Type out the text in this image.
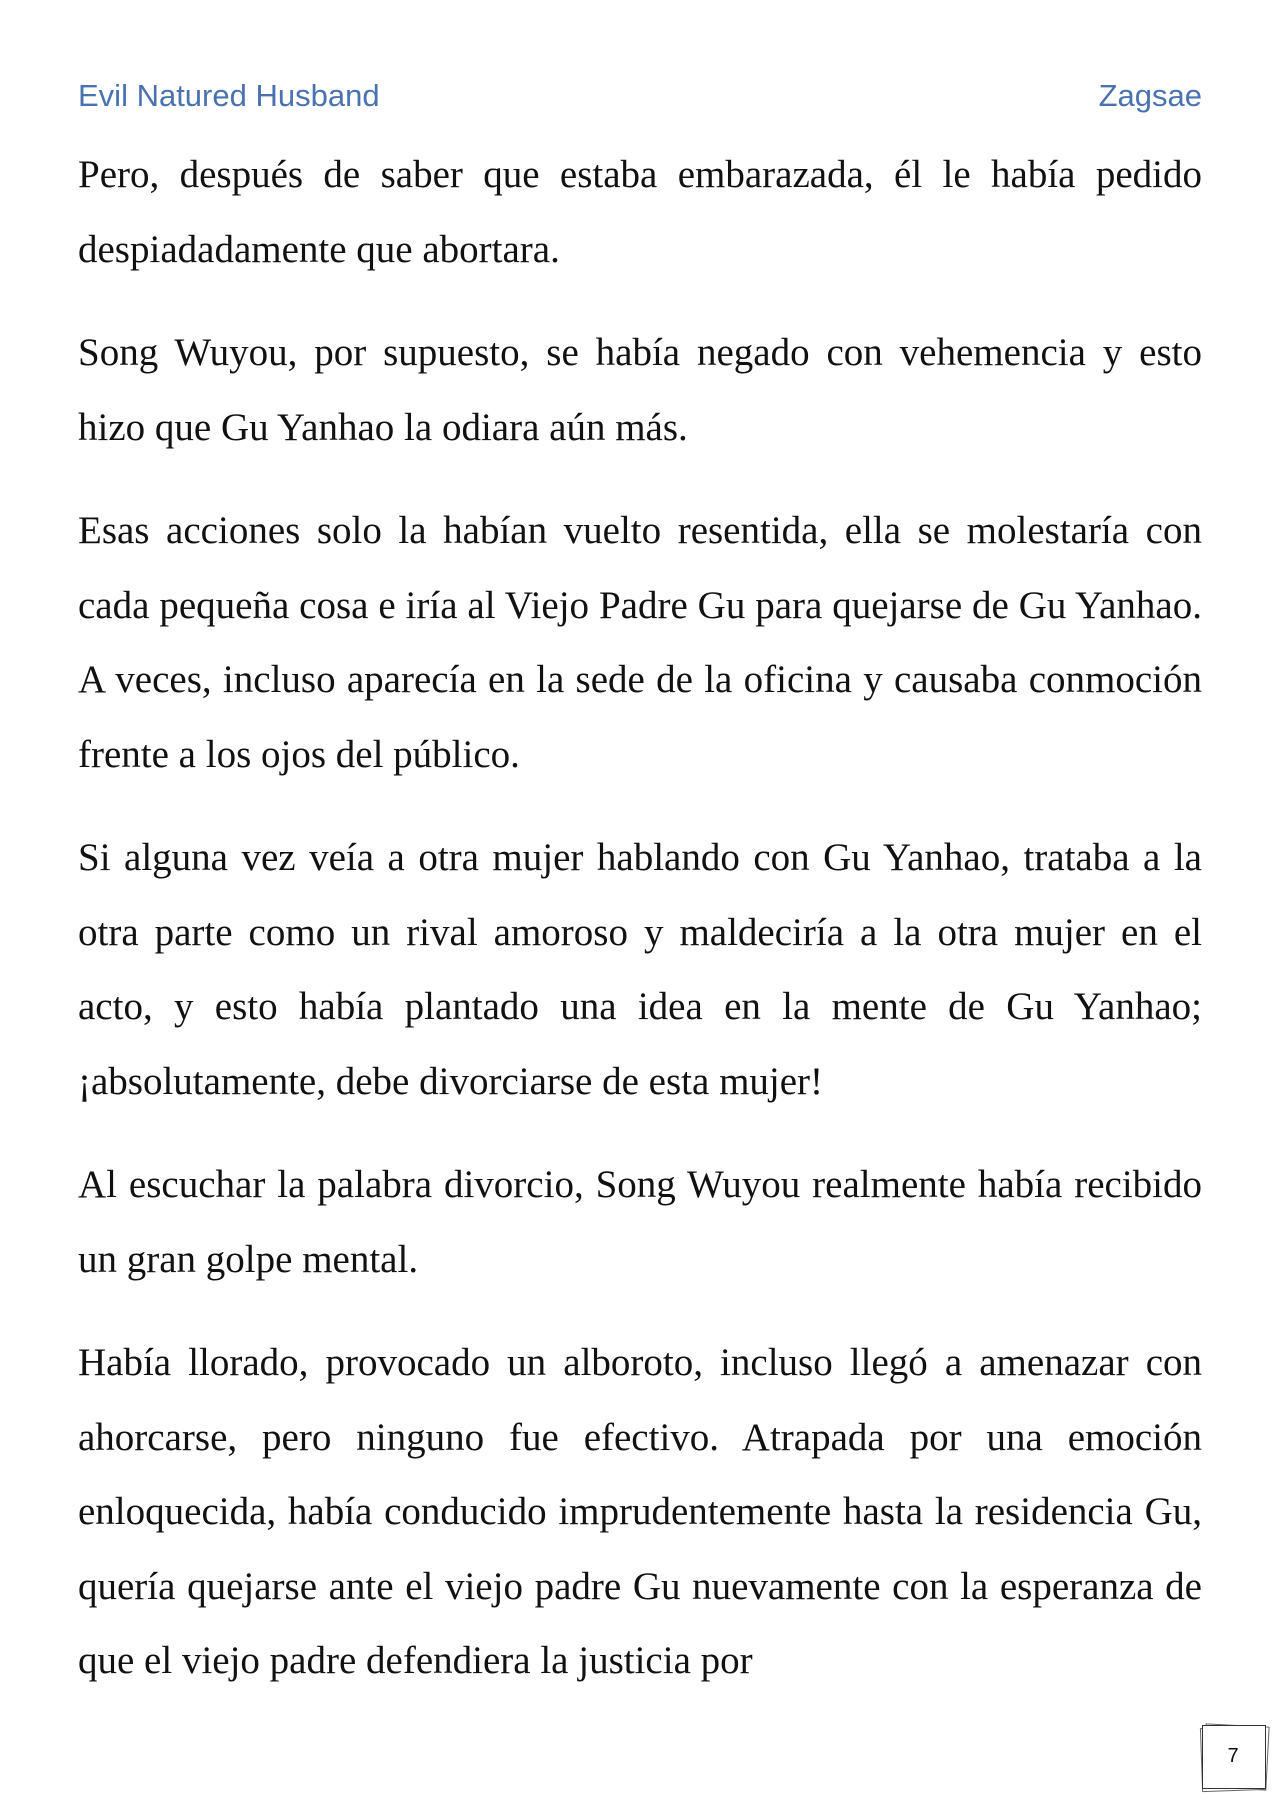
Evil Natured Husband	Zagsae

Pero, después de saber que estaba embarazada, él le había pedido despiadadamente que abortara.

Song Wuyou, por supuesto, se había negado con vehemencia y esto hizo que Gu Yanhao la odiara aún más.

Esas acciones solo la habían vuelto resentida, ella se molestaría con cada pequeña cosa e iría al Viejo Padre Gu para quejarse de Gu Yanhao. A veces, incluso aparecía en la sede de la oficina y causaba conmoción frente a los ojos del público.

Si alguna vez veía a otra mujer hablando con Gu Yanhao, trataba a la otra parte como un rival amoroso y maldeciría a la otra mujer en el acto, y esto había plantado una idea en la mente de Gu Yanhao; ¡absolutamente, debe divorciarse de esta mujer!

Al escuchar la palabra divorcio, Song Wuyou realmente había recibido un gran golpe mental.

Había llorado, provocado un alboroto, incluso llegó a amenazar con ahorcarse, pero ninguno fue efectivo. Atrapada por una emoción enloquecida, había conducido imprudentemente hasta la residencia Gu, quería quejarse ante el viejo padre Gu nuevamente con la esperanza de que el viejo padre defendiera la justicia por

7
